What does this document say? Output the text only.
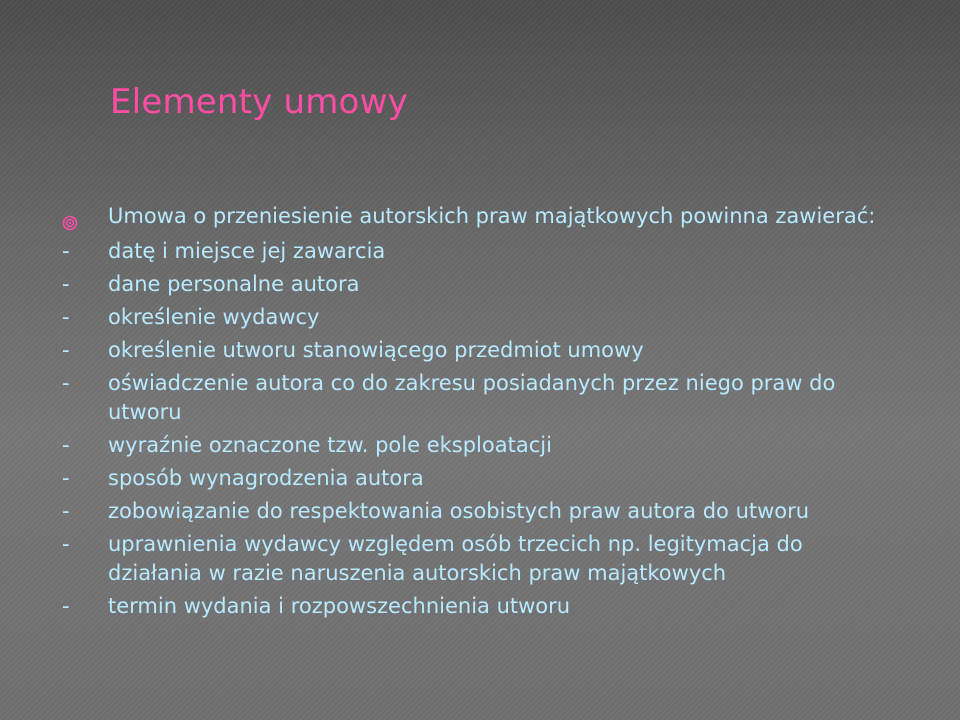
Elementy umowy
Umowa o przeniesienie autorskich praw majątkowych powinna zawierać:
-	datę i miejsce jej zawarcia
-	dane personalne autora
-	określenie wydawcy
-	określenie utworu stanowiącego przedmiot umowy
-	oświadczenie autora co do zakresu posiadanych przez niego praw do utworu
-	wyraźnie oznaczone tzw. pole eksploatacji
-	sposób wynagrodzenia autora
-	zobowiązanie do respektowania osobistych praw autora do utworu
-	uprawnienia wydawcy względem osób trzecich np. legitymacja do działania w razie naruszenia autorskich praw majątkowych
-	termin wydania i rozpowszechnienia utworu
